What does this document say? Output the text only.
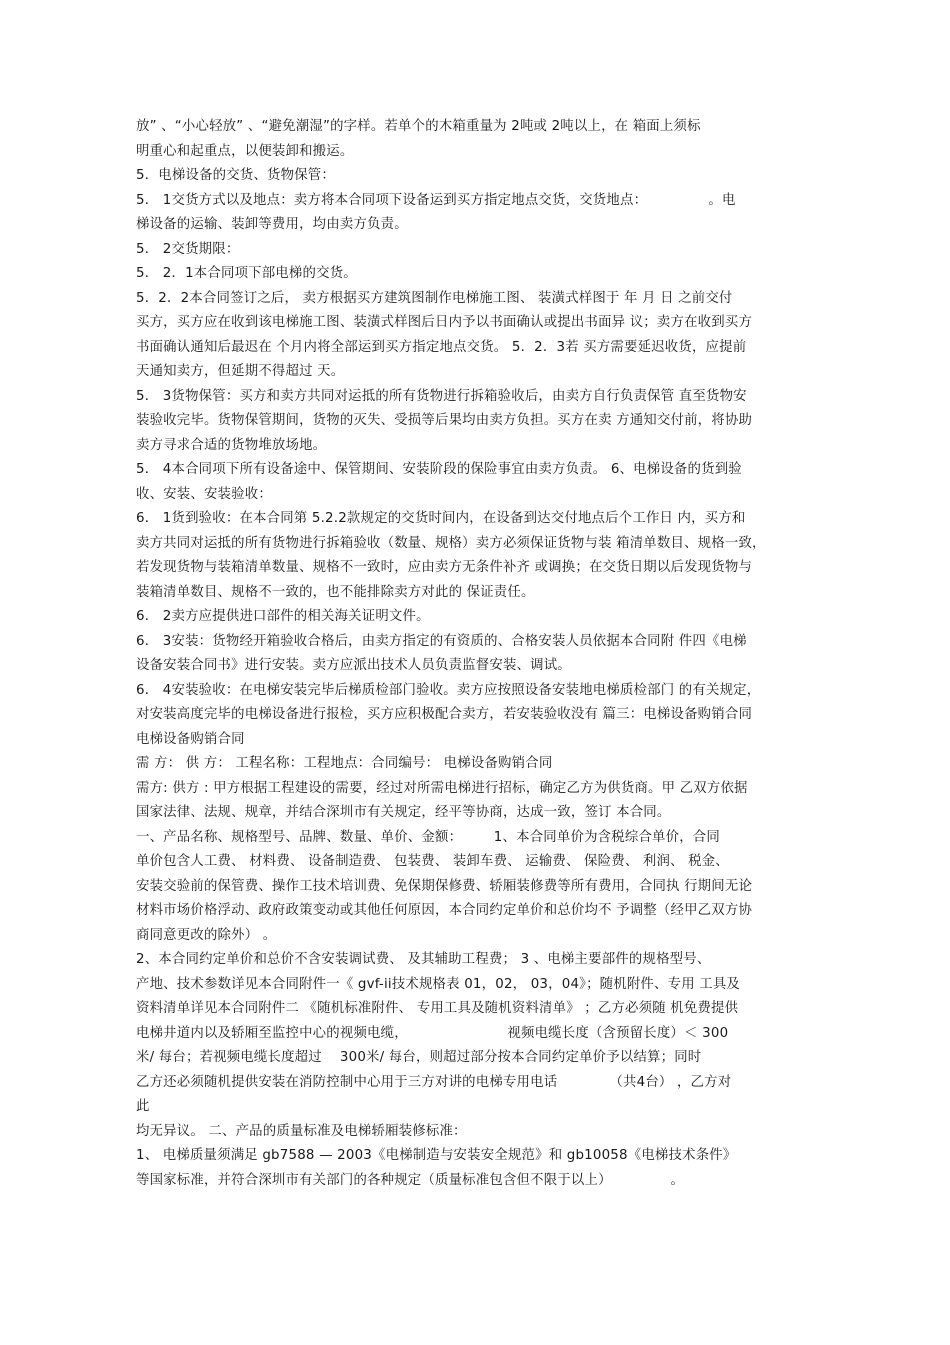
放” 、“小心轻放” 、“避免潮湿”的字样。若单个的木箱重量为 2吨或 2吨以上，在 箱面上须标
明重心和起重点，以便装卸和搬运。
5．电梯设备的交货、货物保管：
5． 1交货方式以及地点：卖方将本合同项下设备运到买方指定地点交货，交货地点：　　　　　。电
梯设备的运输、装卸等费用，均由卖方负责。
5． 2交货期限：
5． 2．1本合同项下部电梯的交货。
5．2．2本合同签订之后， 卖方根据买方建筑图制作电梯施工图、 装潢式样图于 年 月 日 之前交付
买方，买方应在收到该电梯施工图、装潢式样图后日内予以书面确认或提出书面异 议；卖方在收到买方
书面确认通知后最迟在 个月内将全部运到买方指定地点交货。 5．2．3若 买方需要延迟收货，应提前
天通知卖方，但延期不得超过 天。
5． 3货物保管：买方和卖方共同对运抵的所有货物进行拆箱验收后，由卖方自行负责保管 直至货物安
装验收完毕。货物保管期间，货物的灭失、受损等后果均由卖方负担。买方在卖 方通知交付前，将协助
卖方寻求合适的货物堆放场地。
5． 4本合同项下所有设备途中、保管期间、安装阶段的保险事宜由卖方负责。 6、电梯设备的货到验
收、安装、安装验收：
6． 1货到验收：在本合同第 5.2.2款规定的交货时间内，在设备到达交付地点后个工作日 内，买方和
卖方共同对运抵的所有货物进行拆箱验收（数量、规格）卖方必须保证货物与装 箱清单数目、规格一致，
若发现货物与装箱清单数量、规格不一致时，应由卖方无条件补齐 或调换；在交货日期以后发现货物与
装箱清单数目、规格不一致的，也不能排除卖方对此的 保证责任。
6． 2卖方应提供进口部件的相关海关证明文件。
6． 3安装：货物经开箱验收合格后，由卖方指定的有资质的、合格安装人员依据本合同附 件四《电梯
设备安装合同书》进行安装。卖方应派出技术人员负责监督安装、调试。
6． 4安装验收：在电梯安装完毕后梯质检部门验收。卖方应按照设备安装地电梯质检部门 的有关规定，
对安装高度完毕的电梯设备进行报检，买方应积极配合卖方，若安装验收没有 篇三：电梯设备购销合同
电梯设备购销合同
需 方： 供 方： 工程名称：工程地点：合同编号： 电梯设备购销合同
需方: 供方 : 甲方根据工程建设的需要，经过对所需电梯进行招标，确定乙方为供货商。甲 乙双方依据
国家法律、法规、规章，并结合深圳市有关规定，经平等协商，达成一致，签订 本合同。
一、产品名称、规格型号、品牌、数量、单价、金额： 　　1、本合同单价为含税综合单价，合同
单价包含人工费、 材料费、 设备制造费、 包装费、 装卸车费、 运输费、 保险费、 利润、 税金、
安装交验前的保管费、操作工技术培训费、免保期保修费、轿厢装修费等所有费用，合同执 行期间无论
材料市场价格浮动、政府政策变动或其他任何原因，本合同约定单价和总价均不 予调整（经甲乙双方协
商同意更改的除外） 。
2、本合同约定单价和总价不含安装调试费、 及其辅助工程费； 3 、电梯主要部件的规格型号、
产地、技术参数详见本合同附件一《 gvf-ii技术规格表 01，02， 03，04》；随机附件、专用 工具及
资料清单详见本合同附件二 《随机标准附件、 专用工具及随机资料清单》 ；乙方必须随 机免费提供
电梯井道内以及轿厢至监控中心的视频电缆， 　　　　　　　视频电缆长度（含预留长度）＜ 300
米/ 每台；若视频电缆长度超过 　300米/ 每台，则超过部分按本合同约定单价予以结算；同时
乙方还必须随机提供安装在消防控制中心用于三方对讲的电梯专用电话 　　　　（共4台） ，乙方对
此
均无异议。 二、产品的质量标准及电梯轿厢装修标准：
1、 电梯质量须满足 gb7588 — 2003《电梯制造与安装安全规范》和 gb10058《电梯技术条件》
等国家标准，并符合深圳市有关部门的各种规定（质量标准包含但不限于以上） 　　　　。
